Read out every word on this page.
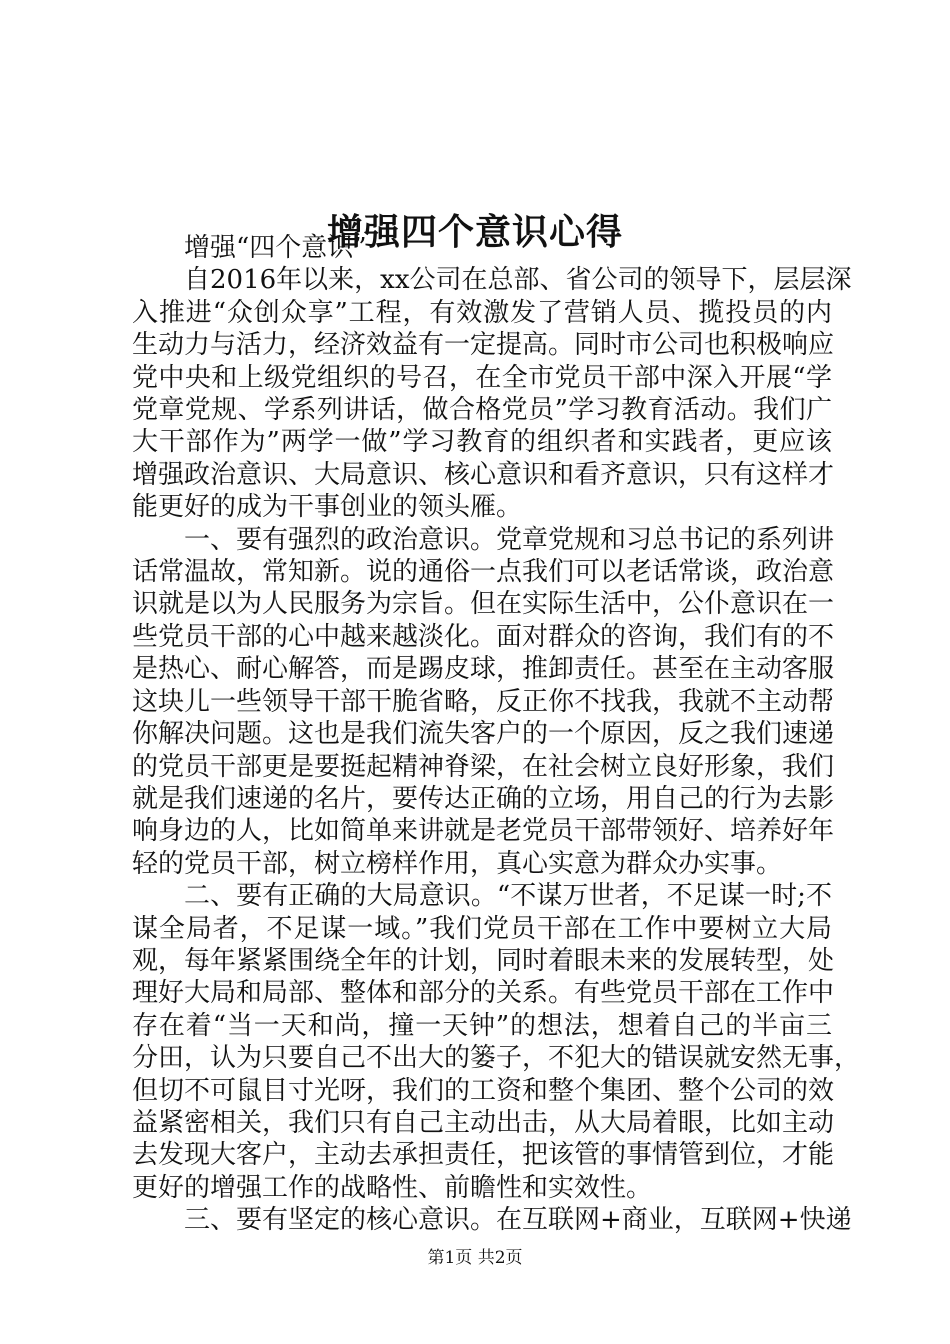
增强四个意识心得

增强“四个意识”

自2016年以来，xx公司在总部、省公司的领导下，层层深
入推进“众创众享”工程，有效激发了营销人员、揽投员的内
生动力与活力，经济效益有一定提高。同时市公司也积极响应
党中央和上级党组织的号召，在全市党员干部中深入开展“学
党章党规、学系列讲话，做合格党员”学习教育活动。我们广
大干部作为”两学一做”学习教育的组织者和实践者，更应该
增强政治意识、大局意识、核心意识和看齐意识，只有这样才
能更好的成为干事创业的领头雁。

一、要有强烈的政治意识。党章党规和习总书记的系列讲
话常温故，常知新。说的通俗一点我们可以老话常谈，政治意
识就是以为人民服务为宗旨。但在实际生活中，公仆意识在一
些党员干部的心中越来越淡化。面对群众的咨询，我们有的不
是热心、耐心解答，而是踢皮球，推卸责任。甚至在主动客服
这块儿一些领导干部干脆省略，反正你不找我，我就不主动帮
你解决问题。这也是我们流失客户的一个原因，反之我们速递
的党员干部更是要挺起精神脊梁，在社会树立良好形象，我们
就是我们速递的名片，要传达正确的立场，用自己的行为去影
响身边的人，比如简单来讲就是老党员干部带领好、培养好年
轻的党员干部，树立榜样作用，真心实意为群众办实事。

二、要有正确的大局意识。“不谋万世者，不足谋一时;不
谋全局者，不足谋一域。”我们党员干部在工作中要树立大局
观，每年紧紧围绕全年的计划，同时着眼未来的发展转型，处
理好大局和局部、整体和部分的关系。有些党员干部在工作中
存在着“当一天和尚，撞一天钟”的想法，想着自己的半亩三
分田，认为只要自己不出大的篓子，不犯大的错误就安然无事，
但切不可鼠目寸光呀，我们的工资和整个集团、整个公司的效
益紧密相关，我们只有自己主动出击，从大局着眼，比如主动
去发现大客户，主动去承担责任，把该管的事情管到位，才能
更好的增强工作的战略性、前瞻性和实效性。

三、要有坚定的核心意识。在互联网+商业，互联网+快递

第1页 共2页
